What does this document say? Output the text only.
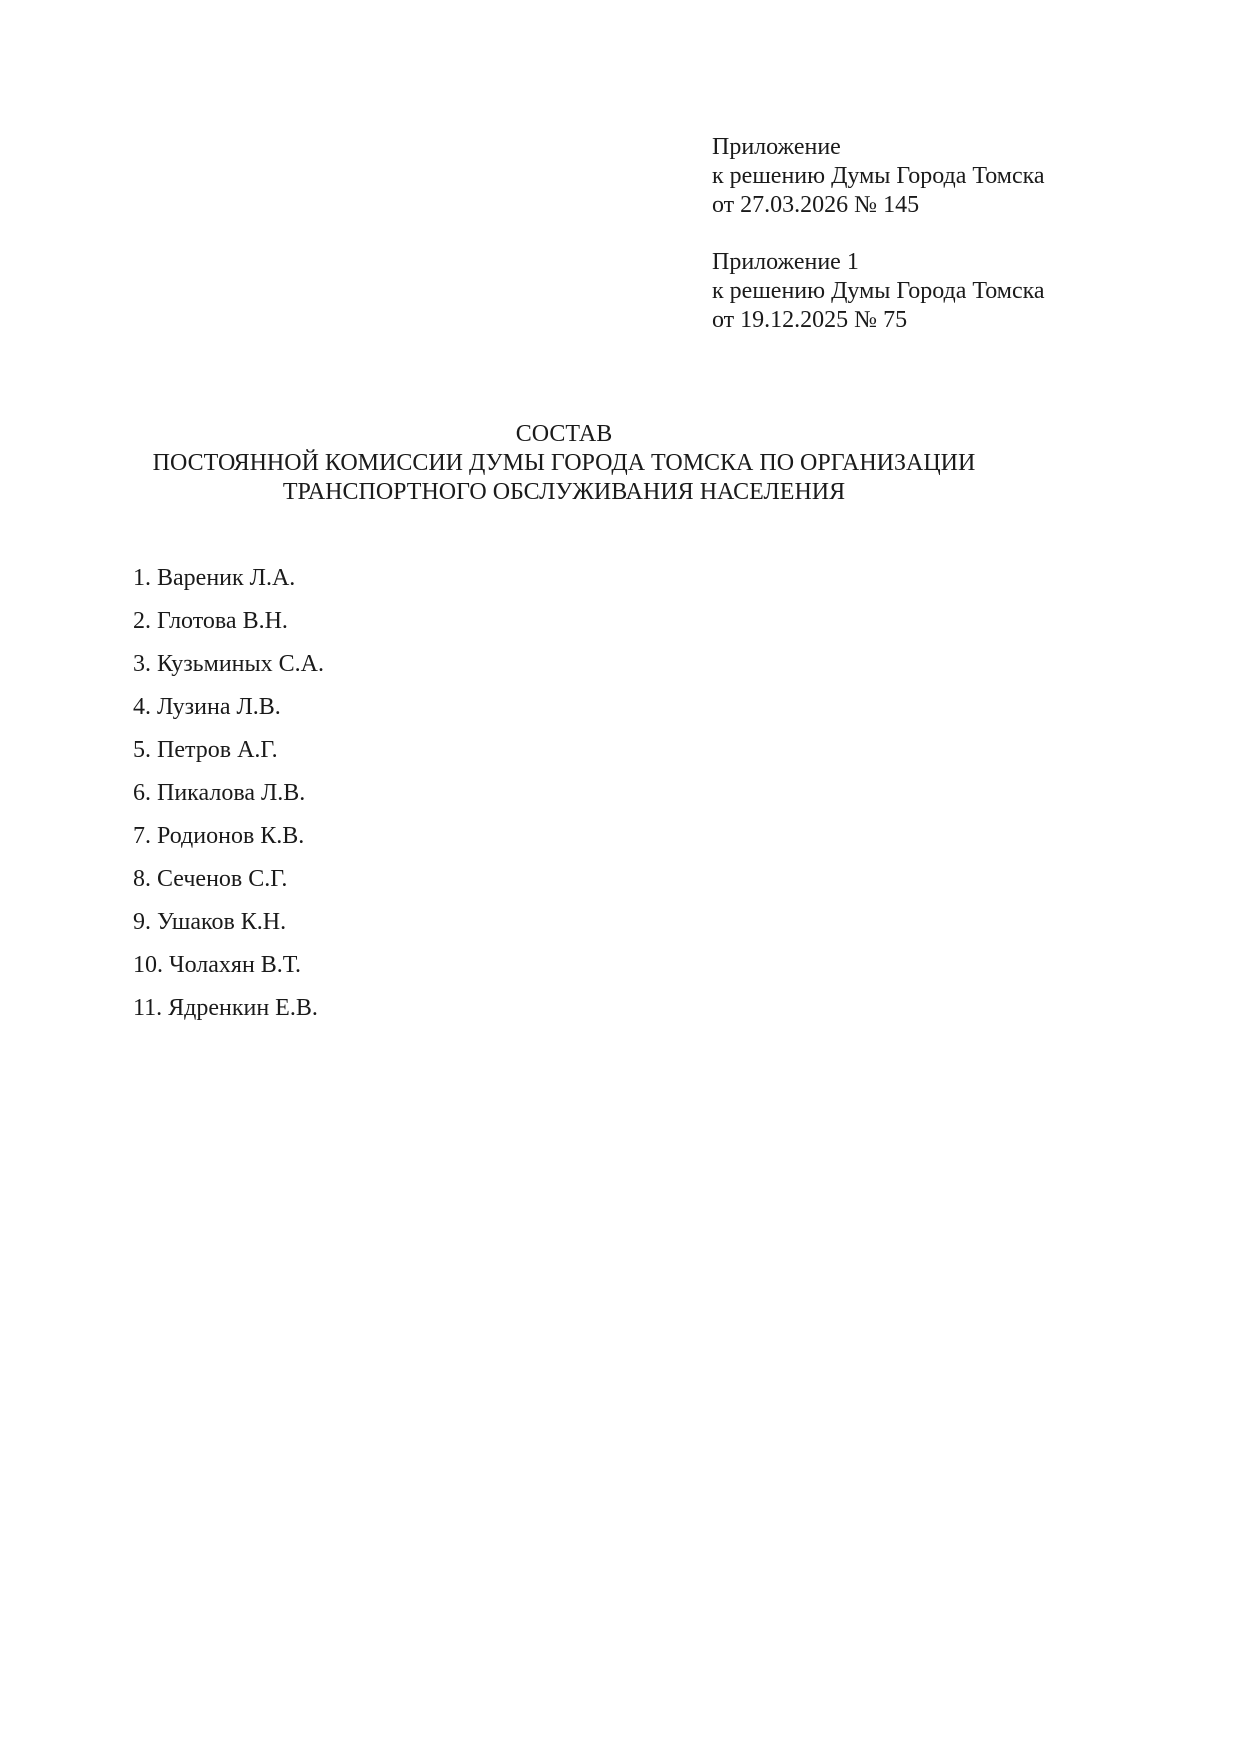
Приложение
к решению Думы Города Томска
от 27.03.2026 № 145
Приложение 1
к решению Думы Города Томска
от 19.12.2025 № 75
СОСТАВ
ПОСТОЯННОЙ КОМИССИИ ДУМЫ ГОРОДА ТОМСКА ПО ОРГАНИЗАЦИИ
ТРАНСПОРТНОГО ОБСЛУЖИВАНИЯ НАСЕЛЕНИЯ
1. Вареник Л.А.
2. Глотова В.Н.
3. Кузьминых С.А.
4. Лузина Л.В.
5. Петров А.Г.
6. Пикалова Л.В.
7. Родионов К.В.
8. Сеченов С.Г.
9. Ушаков К.Н.
10. Чолахян В.Т.
11. Ядренкин Е.В.
